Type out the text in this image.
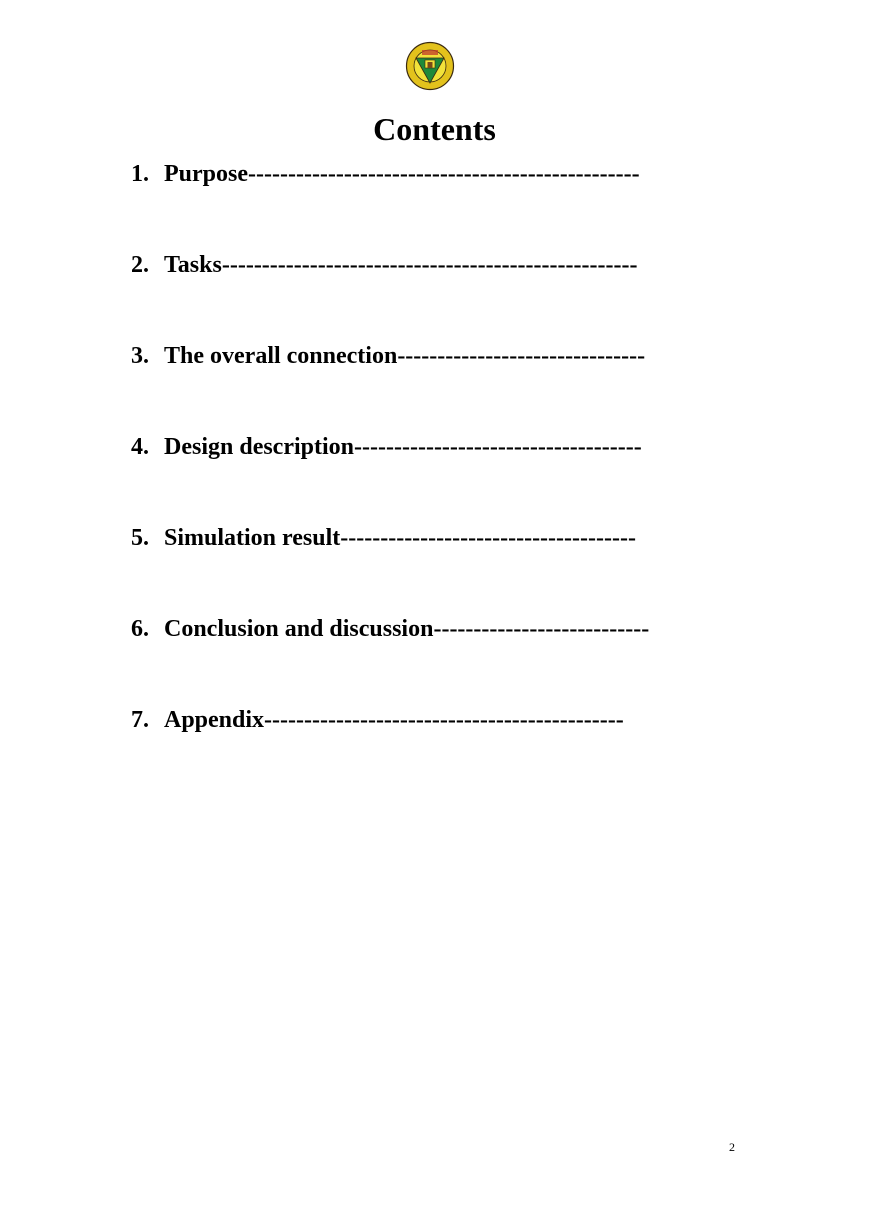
Contents
1. Purpose-------------------------------------------------
2. Tasks----------------------------------------------------
3. The overall connection-------------------------------
4. Design description------------------------------------
5. Simulation result-------------------------------------
6. Conclusion and discussion---------------------------
7. Appendix---------------------------------------------
2
